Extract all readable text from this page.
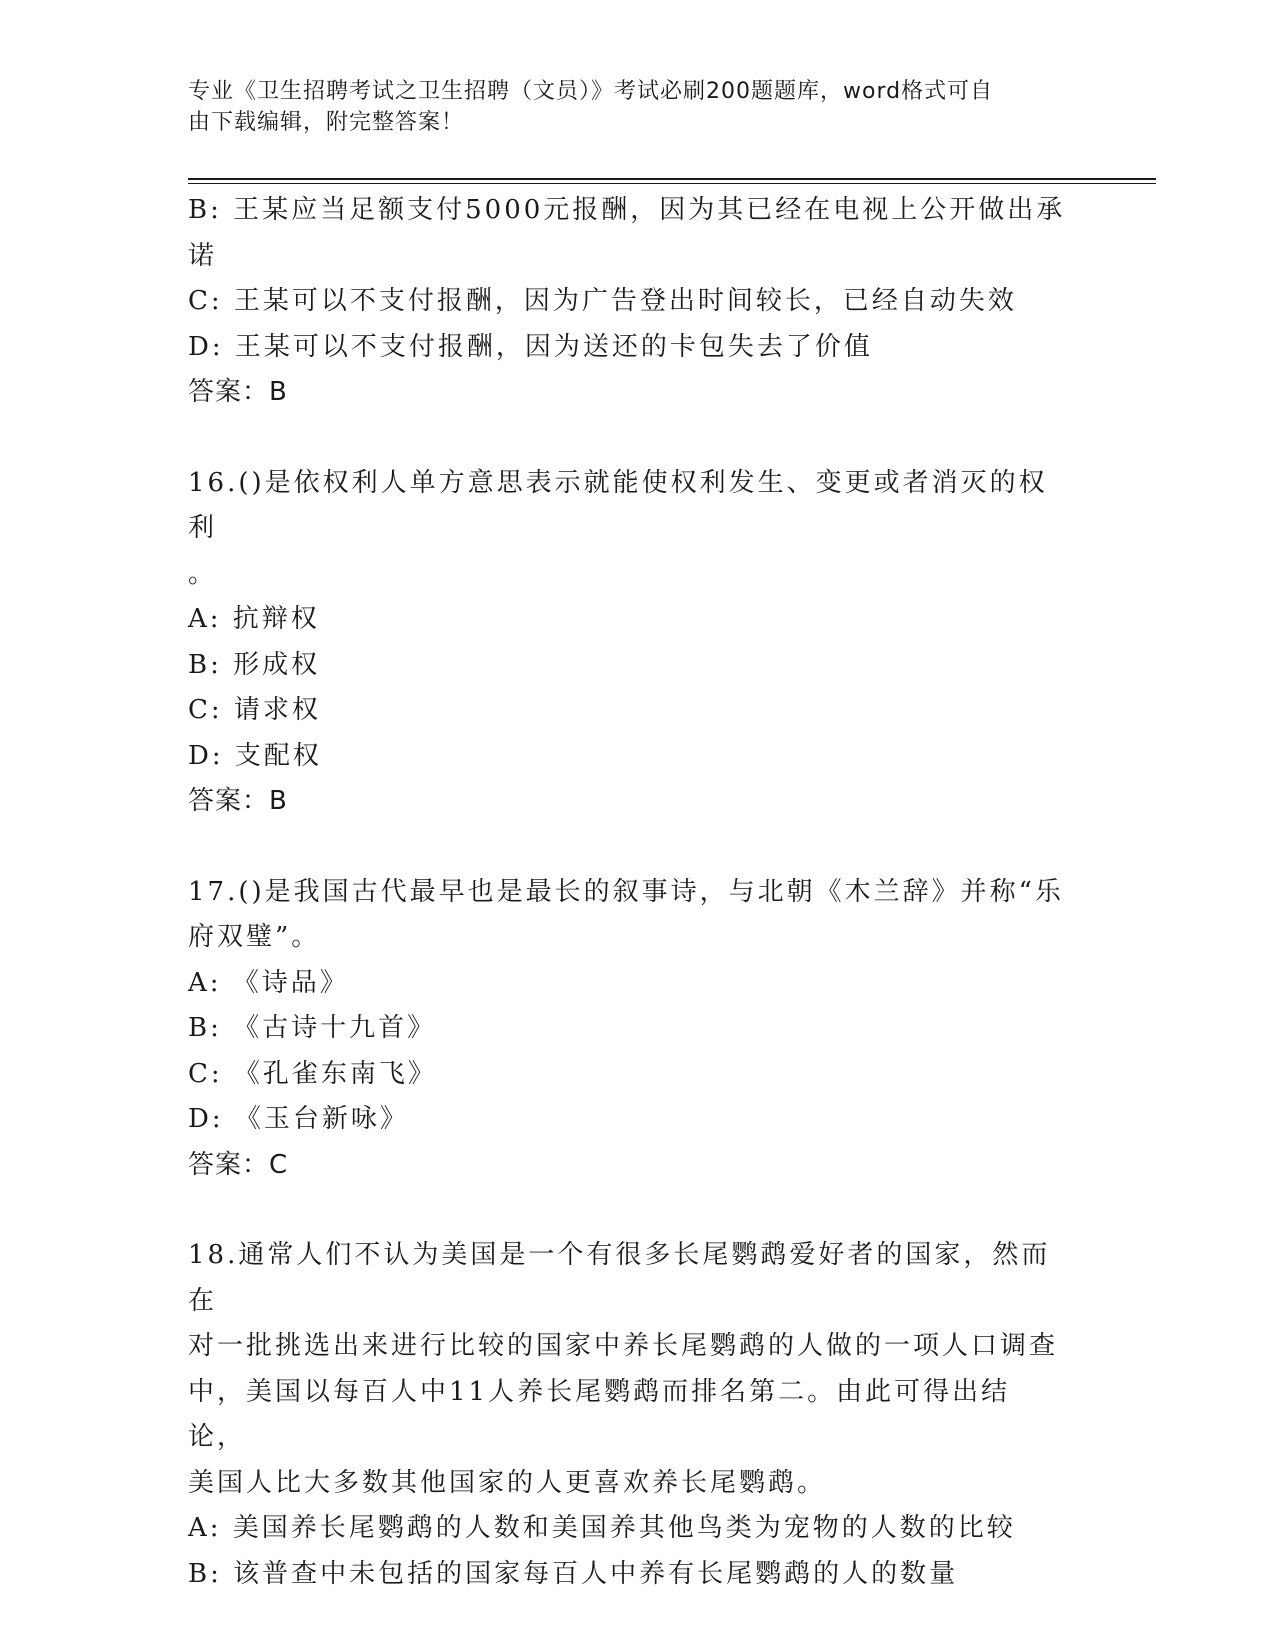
专业《卫生招聘考试之卫生招聘（文员）》考试必刷200题题库，word格式可自
由下载编辑，附完整答案！
B: 王某应当足额支付5000元报酬，因为其已经在电视上公开做出承
诺
C: 王某可以不支付报酬，因为广告登出时间较长，已经自动失效
D: 王某可以不支付报酬，因为送还的卡包失去了价值
答案：B
16.()是依权利人单方意思表示就能使权利发生、变更或者消灭的权利
。
A: 抗辩权
B: 形成权
C: 请求权
D: 支配权
答案：B
17.()是我国古代最早也是最长的叙事诗，与北朝《木兰辞》并称“乐
府双璧”。
A: 《诗品》
B: 《古诗十九首》
C: 《孔雀东南飞》
D: 《玉台新咏》
答案：C
18.通常人们不认为美国是一个有很多长尾鹦鹉爱好者的国家，然而在
对一批挑选出来进行比较的国家中养长尾鹦鹉的人做的一项人口调查
中，美国以每百人中11人养长尾鹦鹉而排名第二。由此可得出结论，
美国人比大多数其他国家的人更喜欢养长尾鹦鹉。
A: 美国养长尾鹦鹉的人数和美国养其他鸟类为宠物的人数的比较
B: 该普查中未包括的国家每百人中养有长尾鹦鹉的人的数量
